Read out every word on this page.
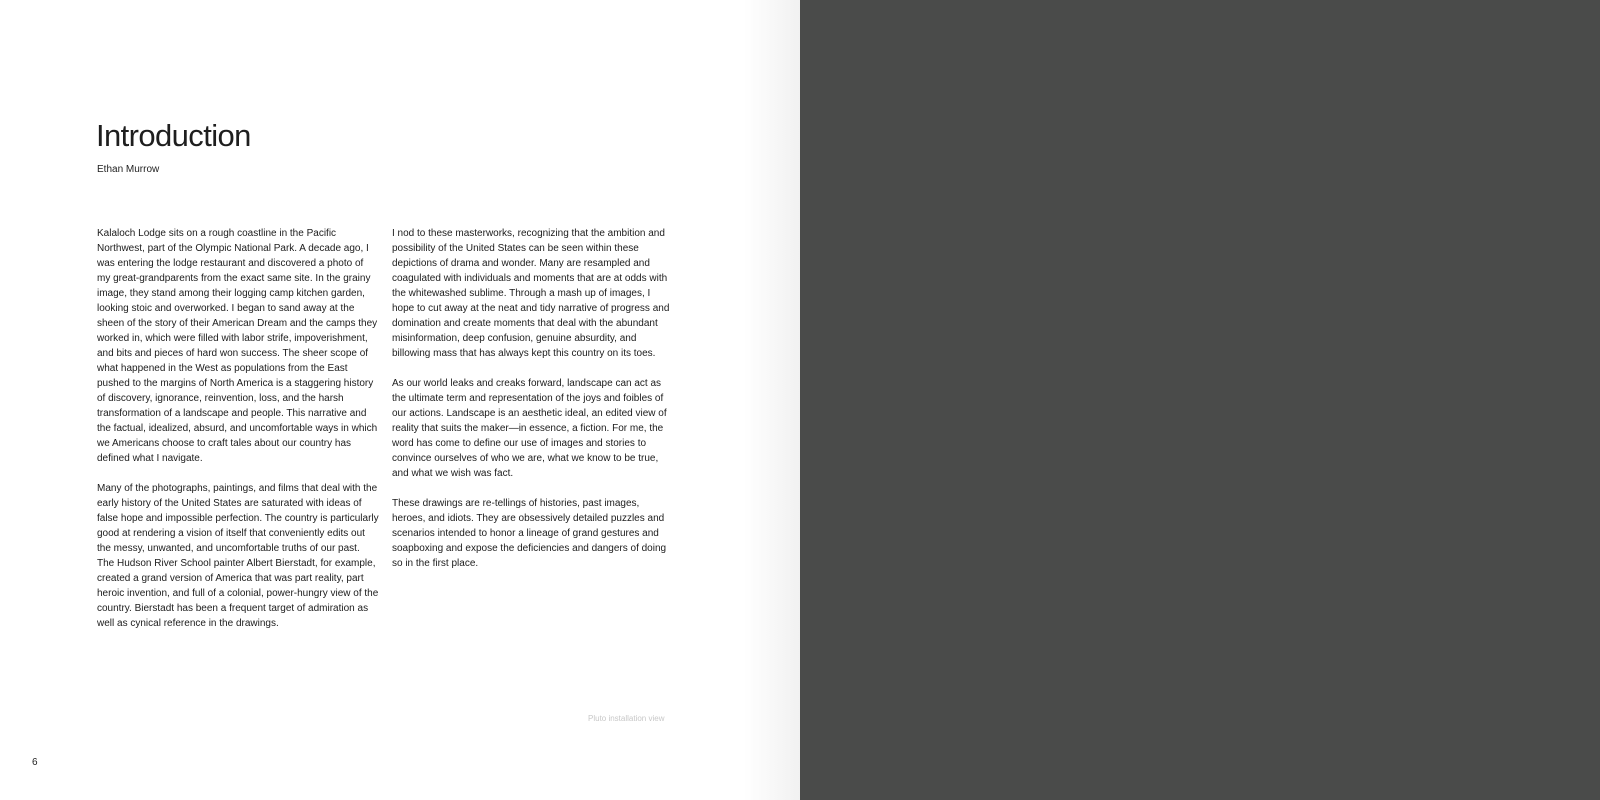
Introduction
Ethan Murrow

Kalaloch Lodge sits on a rough coastline in the Pacific Northwest, part of the Olympic National Park. A decade ago, I was entering the lodge restaurant and discovered a photo of my great-grandparents from the exact same site. In the grainy image, they stand among their logging camp kitchen garden, looking stoic and overworked. I began to sand away at the sheen of the story of their American Dream and the camps they worked in, which were filled with labor strife, impoverishment, and bits and pieces of hard won success. The sheer scope of what happened in the West as populations from the East pushed to the margins of North America is a staggering history of discovery, ignorance, reinvention, loss, and the harsh transformation of a landscape and people. This narrative and the factual, idealized, absurd, and uncomfortable ways in which we Americans choose to craft tales about our country has defined what I navigate.

Many of the photographs, paintings, and films that deal with the early history of the United States are saturated with ideas of false hope and impossible perfection. The country is particularly good at rendering a vision of itself that conveniently edits out the messy, unwanted, and uncomfortable truths of our past. The Hudson River School painter Albert Bierstadt, for example, created a grand version of America that was part reality, part heroic invention, and full of a colonial, power-hungry view of the country. Bierstadt has been a frequent target of admiration as well as cynical reference in the drawings.

I nod to these masterworks, recognizing that the ambition and possibility of the United States can be seen within these depictions of drama and wonder. Many are resampled and coagulated with individuals and moments that are at odds with the whitewashed sublime. Through a mash up of images, I hope to cut away at the neat and tidy narrative of progress and domination and create moments that deal with the abundant misinformation, deep confusion, genuine absurdity, and billowing mass that has always kept this country on its toes.

As our world leaks and creaks forward, landscape can act as the ultimate term and representation of the joys and foibles of our actions. Landscape is an aesthetic ideal, an edited view of reality that suits the maker—in essence, a fiction. For me, the word has come to define our use of images and stories to convince ourselves of who we are, what we know to be true, and what we wish was fact.

These drawings are re-tellings of histories, past images, heroes, and idiots. They are obsessively detailed puzzles and scenarios intended to honor a lineage of grand gestures and soapboxing and expose the deficiencies and dangers of doing so in the first place.

Pluto installation view
6
